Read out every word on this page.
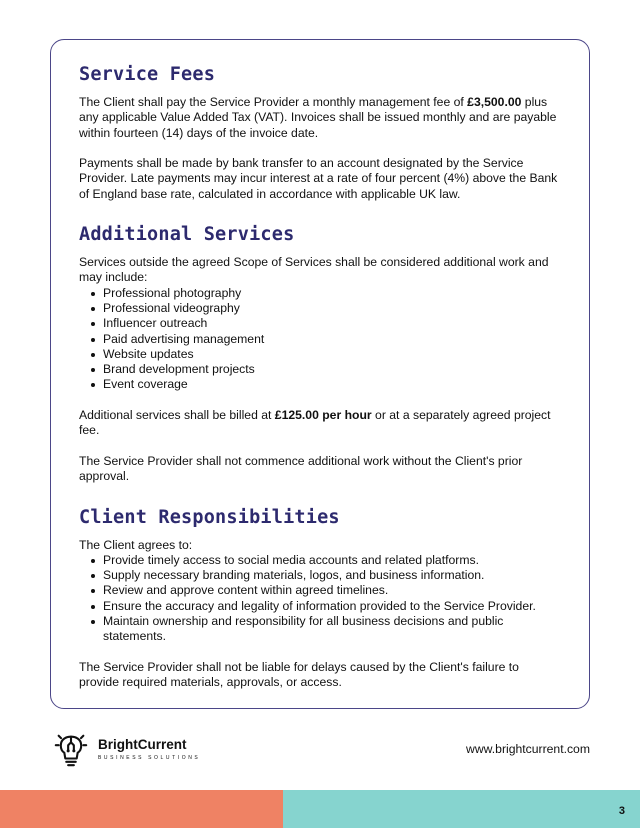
Service Fees

The Client shall pay the Service Provider a monthly management fee of £3,500.00 plus any applicable Value Added Tax (VAT). Invoices shall be issued monthly and are payable within fourteen (14) days of the invoice date.

Payments shall be made by bank transfer to an account designated by the Service Provider. Late payments may incur interest at a rate of four percent (4%) above the Bank of England base rate, calculated in accordance with applicable UK law.

Additional Services

Services outside the agreed Scope of Services shall be considered additional work and may include:

Professional photography
Professional videography
Influencer outreach
Paid advertising management
Website updates
Brand development projects
Event coverage

Additional services shall be billed at £125.00 per hour or at a separately agreed project fee.

The Service Provider shall not commence additional work without the Client's prior approval.

Client Responsibilities

The Client agrees to:

Provide timely access to social media accounts and related platforms.
Supply necessary branding materials, logos, and business information.
Review and approve content within agreed timelines.
Ensure the accuracy and legality of information provided to the Service Provider.
Maintain ownership and responsibility for all business decisions and public statements.

The Service Provider shall not be liable for delays caused by the Client's failure to provide required materials, approvals, or access.

BrightCurrent
BUSINESS SOLUTIONS
www.brightcurrent.com
3
